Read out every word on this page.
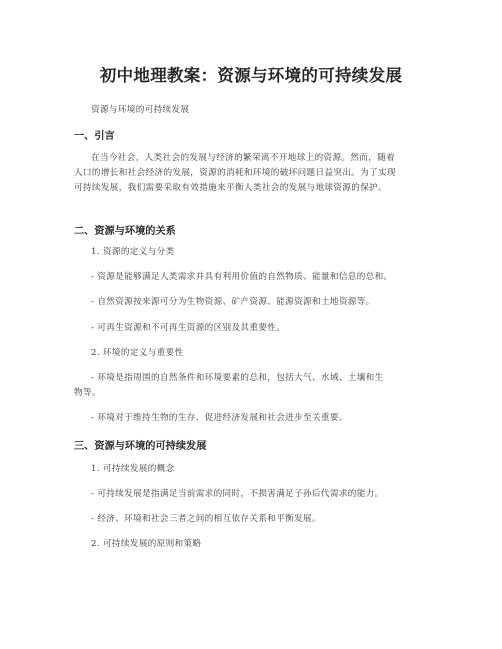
初中地理教案：资源与环境的可持续发展
资源与环境的可持续发展
一、引言
在当今社会，人类社会的发展与经济的繁荣离不开地球上的资源。然而，随着
人口的增长和社会经济的发展，资源的消耗和环境的破坏问题日益突出。为了实现
可持续发展，我们需要采取有效措施来平衡人类社会的发展与地球资源的保护。
二、资源与环境的关系
1. 资源的定义与分类
- 资源是能够满足人类需求并具有利用价值的自然物质、能量和信息的总和。
- 自然资源按来源可分为生物资源、矿产资源、能源资源和土地资源等。
- 可再生资源和不可再生资源的区别及其重要性。
2. 环境的定义与重要性
- 环境是指周围的自然条件和环境要素的总和，包括大气、水域、土壤和生
物等。
- 环境对于维持生物的生存、促进经济发展和社会进步至关重要。
三、资源与环境的可持续发展
1. 可持续发展的概念
- 可持续发展是指满足当前需求的同时，不损害满足子孙后代需求的能力。
- 经济、环境和社会三者之间的相互依存关系和平衡发展。
2. 可持续发展的原则和策略
